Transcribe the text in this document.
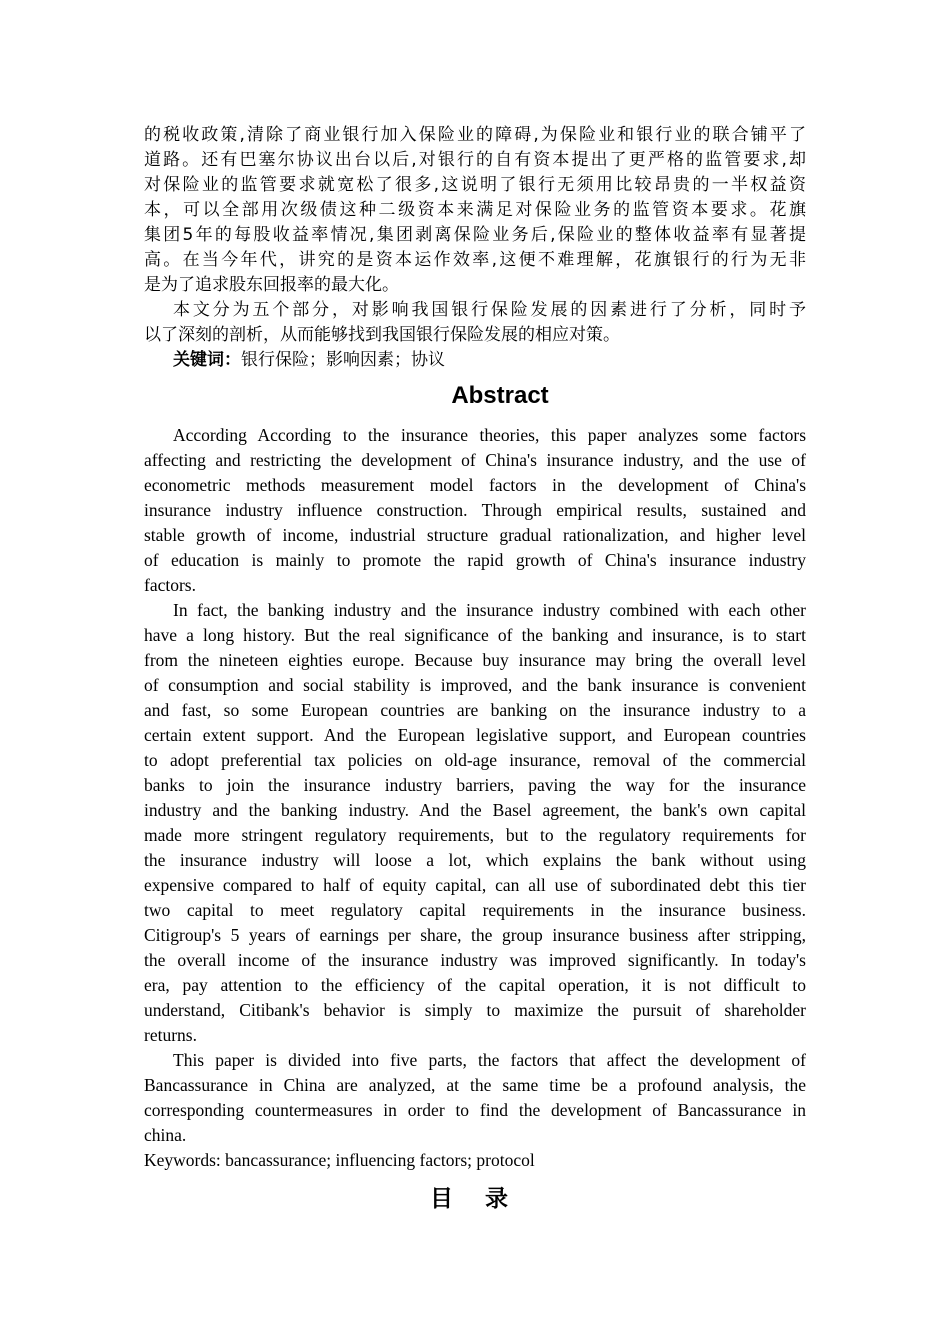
的税收政策,清除了商业银行加入保险业的障碍,为保险业和银行业的联合铺平了
道路。还有巴塞尔协议出台以后,对银行的自有资本提出了更严格的监管要求,却
对保险业的监管要求就宽松了很多,这说明了银行无须用比较昂贵的一半权益资
本，可以全部用次级债这种二级资本来满足对保险业务的监管资本要求。花旗
集团5年的每股收益率情况,集团剥离保险业务后,保险业的整体收益率有显著提
高。在当今年代，讲究的是资本运作效率,这便不难理解，花旗银行的行为无非
是为了追求股东回报率的最大化。
本文分为五个部分，对影响我国银行保险发展的因素进行了分析，同时予
以了深刻的剖析，从而能够找到我国银行保险发展的相应对策。
关键词：银行保险；影响因素；协议
Abstract
According According to the insurance theories, this paper analyzes some factors
affecting and restricting the development of China's insurance industry, and the use of
econometric methods measurement model factors in the development of China's
insurance industry influence construction. Through empirical results, sustained and
stable growth of income, industrial structure gradual rationalization, and higher level
of education is mainly to promote the rapid growth of China's insurance industry
factors.
In fact, the banking industry and the insurance industry combined with each other
have a long history. But the real significance of the banking and insurance, is to start
from the nineteen eighties europe. Because buy insurance may bring the overall level
of consumption and social stability is improved, and the bank insurance is convenient
and fast, so some European countries are banking on the insurance industry to a
certain extent support. And the European legislative support, and European countries
to adopt preferential tax policies on old-age insurance, removal of the commercial
banks to join the insurance industry barriers, paving the way for the insurance
industry and the banking industry. And the Basel agreement, the bank's own capital
made more stringent regulatory requirements, but to the regulatory requirements for
the insurance industry will loose a lot, which explains the bank without using
expensive compared to half of equity capital, can all use of subordinated debt this tier
two capital to meet regulatory capital requirements in the insurance business.
Citigroup's 5 years of earnings per share, the group insurance business after stripping,
the overall income of the insurance industry was improved significantly. In today's
era, pay attention to the efficiency of the capital operation, it is not difficult to
understand, Citibank's behavior is simply to maximize the pursuit of shareholder
returns.
This paper is divided into five parts, the factors that affect the development of
Bancassurance in China are analyzed, at the same time be a profound analysis, the
corresponding countermeasures in order to find the development of Bancassurance in
china.
Keywords: bancassurance; influencing factors; protocol
目 录
